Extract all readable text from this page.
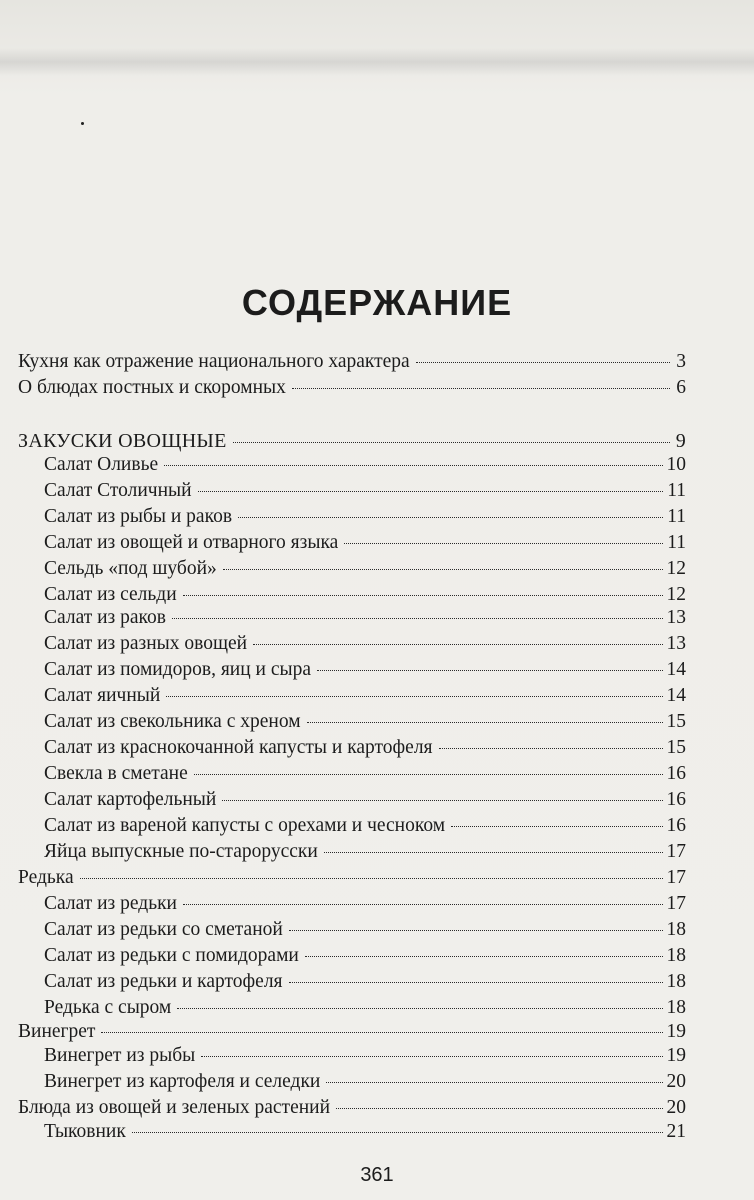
СОДЕРЖАНИЕ
Кухня как отражение национального характера	3
О блюдах постных и скоромных	6
ЗАКУСКИ ОВОЩНЫЕ	9
Салат Оливье	10
Салат Столичный	11
Салат из рыбы и раков	11
Салат из овощей и отварного языка	11
Сельдь «под шубой»	12
Салат из сельди	12
Салат из раков	13
Салат из разных овощей	13
Салат из помидоров, яиц и сыра	14
Салат яичный	14
Салат из свекольника с хреном	15
Салат из краснокочанной капусты и картофеля	15
Свекла в сметане	16
Салат картофельный	16
Салат из вареной капусты с орехами и чесноком	16
Яйца выпускные по-старорусски	17
Редька	17
Салат из редьки	17
Салат из редьки со сметаной	18
Салат из редьки с помидорами	18
Салат из редьки и картофеля	18
Редька с сыром	18
Винегрет	19
Винегрет из рыбы	19
Винегрет из картофеля и селедки	20
Блюда из овощей и зеленых растений	20
Тыковник	21
361
